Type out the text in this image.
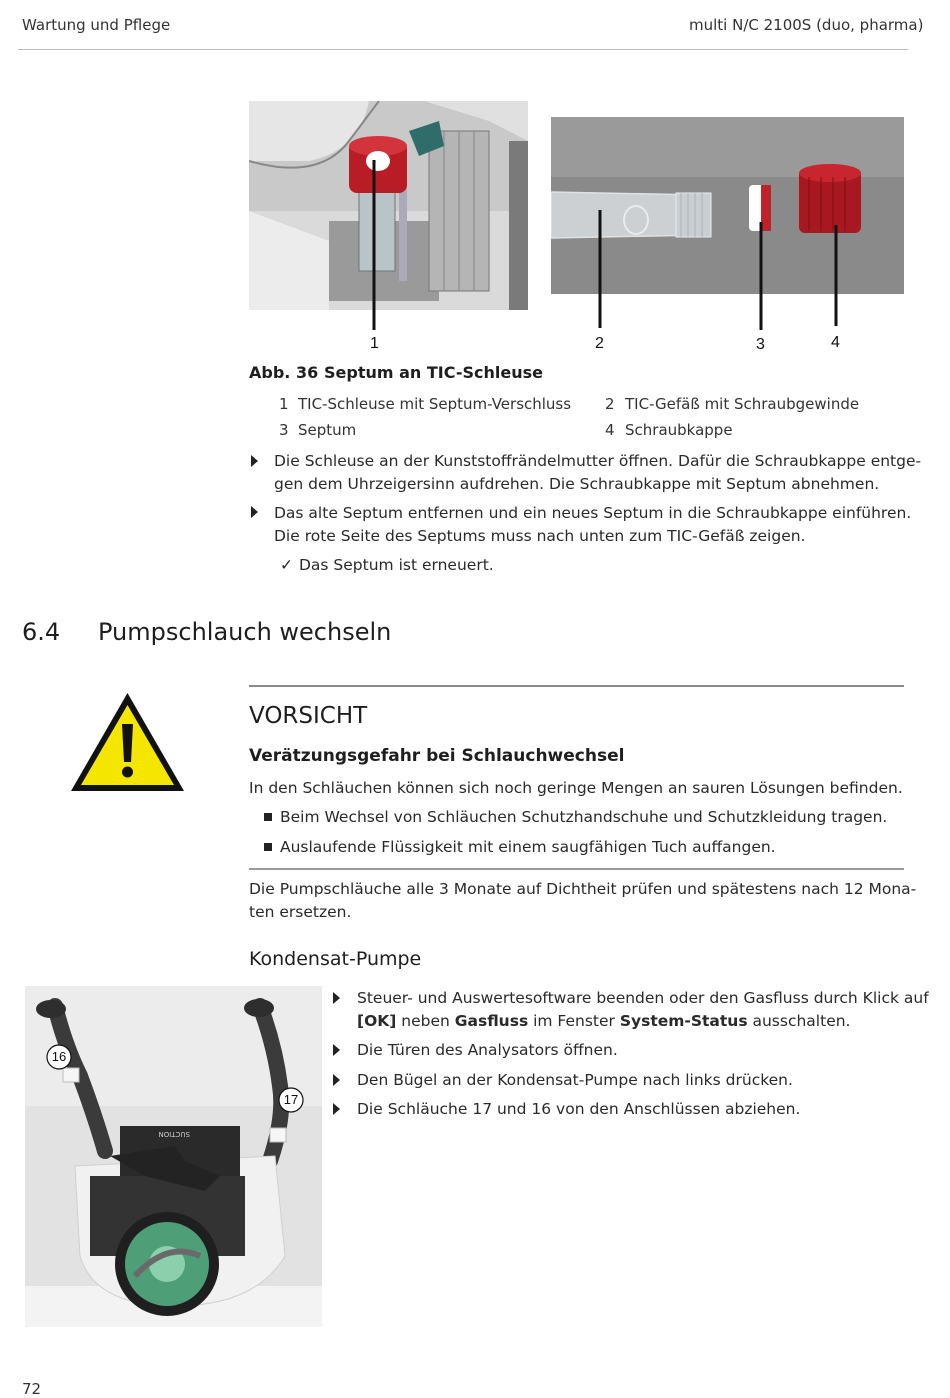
Wartung und Pflege	multi N/C 2100S (duo, pharma)
1	2	3	4
Abb. 36 Septum an TIC-Schleuse
1 TIC-Schleuse mit Septum-Verschluss 2 TIC-Gefäß mit Schraubgewinde
3 Septum	4 Schraubkappe
Die Schleuse an der Kunststoffrändelmutter öffnen. Dafür die Schraubkappe entge-
gen dem Uhrzeigersinn aufdrehen. Die Schraubkappe mit Septum abnehmen.
Das alte Septum entfernen und ein neues Septum in die Schraubkappe einführen.
Die rote Seite des Septums muss nach unten zum TIC-Gefäß zeigen.
✓ Das Septum ist erneuert.
6.4 Pumpschlauch wechseln
VORSICHT
Verätzungsgefahr bei Schlauchwechsel
In den Schläuchen können sich noch geringe Mengen an sauren Lösungen befinden.
Beim Wechsel von Schläuchen Schutzhandschuhe und Schutzkleidung tragen.
Auslaufende Flüssigkeit mit einem saugfähigen Tuch auffangen.
Die Pumpschläuche alle 3 Monate auf Dichtheit prüfen und spätestens nach 12 Mona-
ten ersetzen.
Kondensat-Pumpe
SUCTION
16
17
Steuer- und Auswertesoftware beenden oder den Gasfluss durch Klick auf
[OK] neben Gasfluss im Fenster System-Status ausschalten.
Die Türen des Analysators öffnen.
Den Bügel an der Kondensat-Pumpe nach links drücken.
Die Schläuche 17 und 16 von den Anschlüssen abziehen.
72
